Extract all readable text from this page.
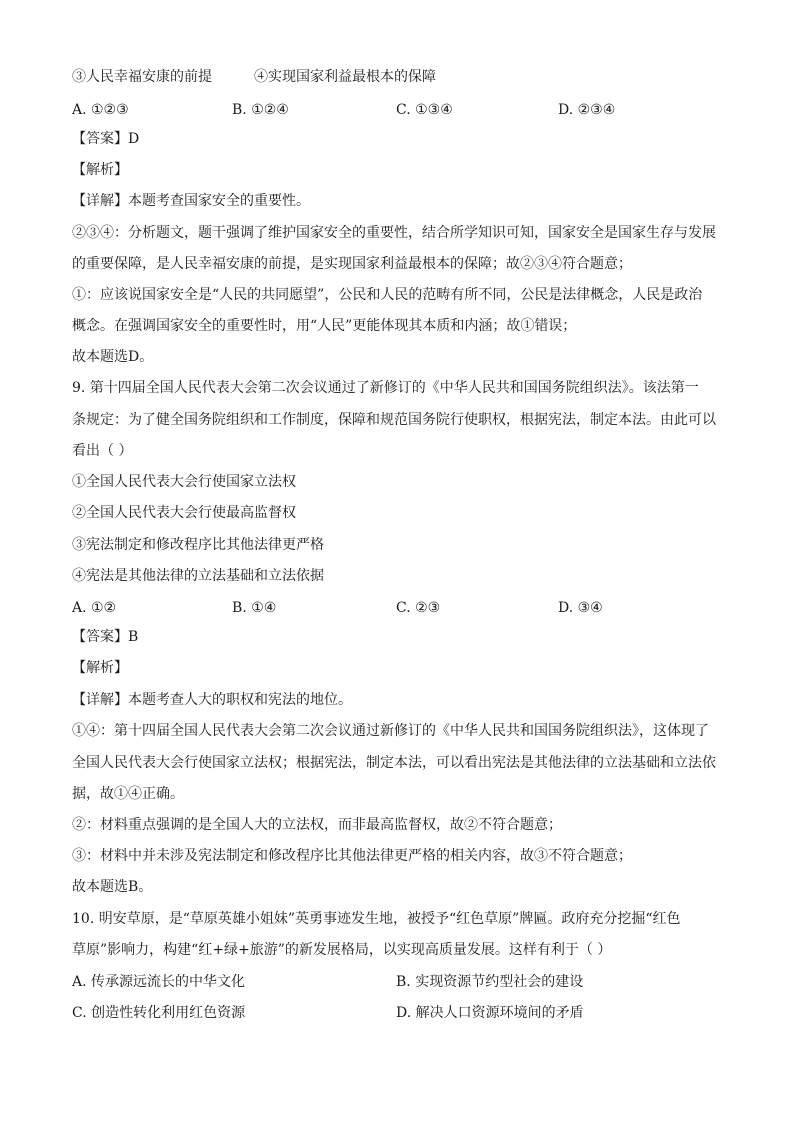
③人民幸福安康的前提	④实现国家利益最根本的保障
A. ①②③	B. ①②④	C. ①③④	D. ②③④
【答案】D
【解析】
【详解】本题考查国家安全的重要性。
②③④：分析题文，题干强调了维护国家安全的重要性，结合所学知识可知，国家安全是国家生存与发展
的重要保障，是人民幸福安康的前提，是实现国家利益最根本的保障；故②③④符合题意；
①：应该说国家安全是“人民的共同愿望”，公民和人民的范畴有所不同，公民是法律概念，人民是政治
概念。在强调国家安全的重要性时，用“人民”更能体现其本质和内涵；故①错误；
故本题选D。
9. 第十四届全国人民代表大会第二次会议通过了新修订的《中华人民共和国国务院组织法》。该法第一
条规定：为了健全国务院组织和工作制度，保障和规范国务院行使职权，根据宪法，制定本法。由此可以
看出（ ）
①全国人民代表大会行使国家立法权
②全国人民代表大会行使最高监督权
③宪法制定和修改程序比其他法律更严格
④宪法是其他法律的立法基础和立法依据
A. ①②	B. ①④	C. ②③	D. ③④
【答案】B
【解析】
【详解】本题考查人大的职权和宪法的地位。
①④：第十四届全国人民代表大会第二次会议通过新修订的《中华人民共和国国务院组织法》，这体现了
全国人民代表大会行使国家立法权；根据宪法，制定本法，可以看出宪法是其他法律的立法基础和立法依
据，故①④正确。
②：材料重点强调的是全国人大的立法权，而非最高监督权，故②不符合题意；
③：材料中并未涉及宪法制定和修改程序比其他法律更严格的相关内容，故③不符合题意；
故本题选B。
10. 明安草原，是“草原英雄小姐妹”英勇事迹发生地，被授予“红色草原”牌匾。政府充分挖掘“红色
草原”影响力，构建“红+绿+旅游”的新发展格局，以实现高质量发展。这样有利于（ ）
A. 传承源远流长的中华文化	B. 实现资源节约型社会的建设
C. 创造性转化利用红色资源	D. 解决人口资源环境间的矛盾
